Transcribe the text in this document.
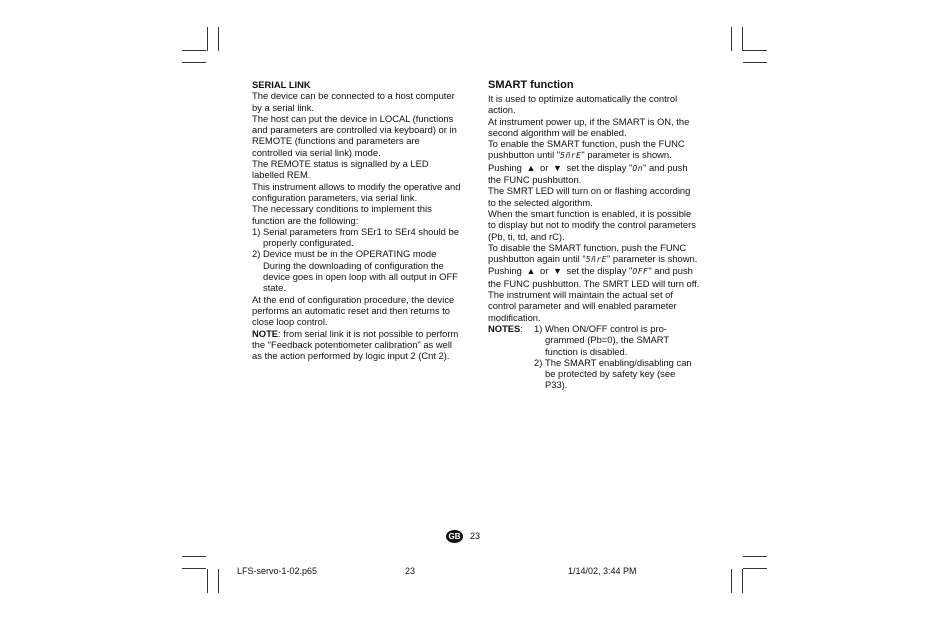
SERIAL LINK
The device can be connected to a host computer by a serial link.
The host can put the device in LOCAL (functions and parameters are controlled via keyboard) or in REMOTE (functions and parameters are controlled via serial link) mode.
The REMOTE status is signalled by a LED labelled REM.
This instrument allows to modify the operative and configuration parameters, via serial link.
The necessary conditions to implement this function are the following:
1) Serial parameters from SEr1 to SEr4 should be properly configurated.
2) Device must be in the OPERATING mode During the downloading of configuration the device goes in open loop with all output in OFF state.
At the end of configuration procedure, the device performs an automatic reset and then returns to close loop control.
NOTE: from serial link it is not possible to perform the "Feedback potentiometer calibration" as well as the action performed by logic input 2 (Cnt 2).
SMART function
It is used to optimize automatically the control action.
At instrument power up, if the SMART is ON, the second algorithm will be enabled.
To enable the SMART function, push the FUNC pushbutton until "5ñrE" parameter is shown.
Pushing ▲ or ▼ set the display "On" and push the FUNC pushbutton.
The SMRT LED will turn on or flashing according to the selected algorithm.
When the smart function is enabled, it is possible to display but not to modify the control parameters (Pb, ti, td, and rC).
To disable the SMART function, push the FUNC pushbutton again until "5ñrE" parameter is shown. Pushing ▲ or ▼ set the display "OFF" and push the FUNC pushbutton. The SMRT LED will turn off.
The instrument will maintain the actual set of control parameter and will enabled parameter modification.
NOTES:	1) When ON/OFF control is pro-grammed (Pb=0), the SMART function is disabled.
2) The SMART enabling/disabling can be protected by safety key (see P33).
GB 23
LFS-servo-1-02.p65	23	1/14/02, 3:44 PM
